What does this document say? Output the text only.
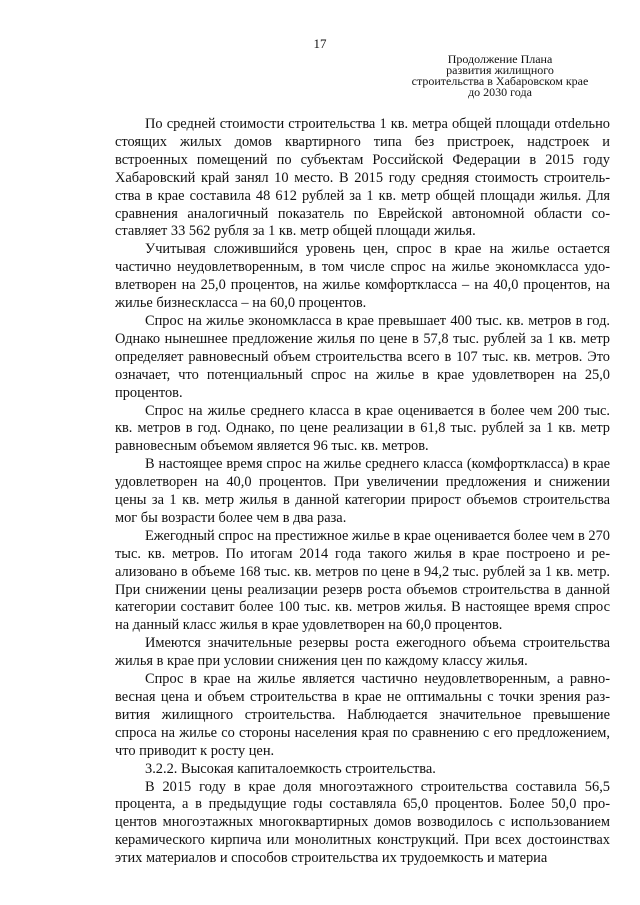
17
Продолжение Плана
развития жилищного
строительства в Хабаровском крае
до 2030 года

По средней стоимости строительства 1 кв. метра общей площади отdельно стоящих жилых домов квартирного типа без пристроек, надстроек и встроенных помещений по субъектам Российской Федерации в 2015 году Хабаровский край занял 10 место. В 2015 году средняя стоимость строительства в крае составила 48 612 рублей за 1 кв. метр общей площади жилья. Для сравнения аналогичный показатель по Еврейской автономной области составляет 33 562 рубля за 1 кв. метр общей площади жилья.

Учитывая сложившийся уровень цен, спрос в крае на жилье остается частично неудовлетворенным, в том числе спрос на жилье экономкласса удовлетворен на 25,0 процентов, на жилье комфорткласса – на 40,0 процентов, на жилье бизнескласса – на 60,0 процентов.

Спрос на жилье экономкласса в крае превышает 400 тыс. кв. метров в год. Однако нынешнее предложение жилья по цене в 57,8 тыс. рублей за 1 кв. метр определяет равновесный объем строительства всего в 107 тыс. кв. метров. Это означает, что потенциальный спрос на жилье в крае удовлетворен на 25,0 процентов.

Спрос на жилье среднего класса в крае оценивается в более чем 200 тыс. кв. метров в год. Однако, по цене реализации в 61,8 тыс. рублей за 1 кв. метр равновесным объемом является 96 тыс. кв. метров.

В настоящее время спрос на жилье среднего класса (комфорткласса) в крае удовлетворен на 40,0 процентов. При увеличении предложения и снижении цены за 1 кв. метр жилья в данной категории прирост объемов строительства мог бы возрасти более чем в два раза.

Ежегодный спрос на престижное жилье в крае оценивается более чем в 270 тыс. кв. метров. По итогам 2014 года такого жилья в крае построено и реализовано в объеме 168 тыс. кв. метров по цене в 94,2 тыс. рублей за 1 кв. метр. При снижении цены реализации резерв роста объемов строительства в данной категории составит более 100 тыс. кв. метров жилья. В настоящее время спрос на данный класс жилья в крае удовлетворен на 60,0 процентов.

Имеются значительные резервы роста ежегодного объема строительства жилья в крае при условии снижения цен по каждому классу жилья.

Спрос в крае на жилье является частично неудовлетворенным, а равновесная цена и объем строительства в крае не оптимальны с точки зрения развития жилищного строительства. Наблюдается значительное превышение спроса на жилье со стороны населения края по сравнению с его предложением, что приводит к росту цен.

3.2.2. Высокая капиталоемкость строительства.

В 2015 году в крае доля многоэтажного строительства составила 56,5 процента, а в предыдущие годы составляла 65,0 процентов. Более 50,0 процентов многоэтажных многоквартирных домов возводилось с использованием керамического кирпича или монолитных конструкций. При всех достоинствах этих материалов и способов строительства их трудоемкость и материа
